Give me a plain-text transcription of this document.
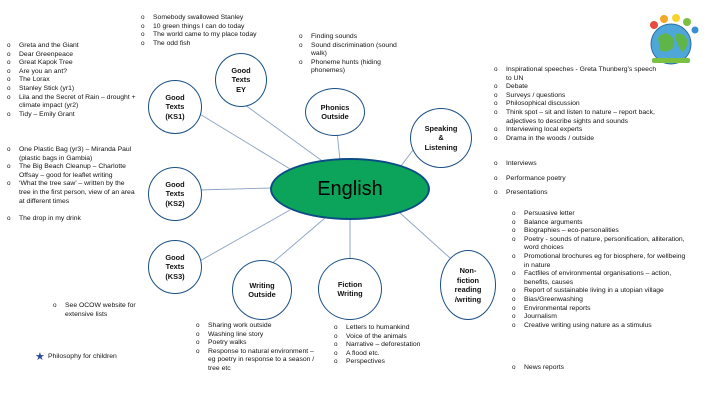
English
Good
Texts
EY
Good
Texts
(KS1)
Phonics
Outside
Speaking
&
Listening
Good
Texts
(KS2)
Good
Texts
(KS3)
Writing
Outside
Fiction
Writing
Non-
fiction
reading
/writing
o Somebody swallowed Stanley
o 10 green things I can do today
o The world came to my place today
o The odd fish
o Finding sounds
o Sound discrimination (sound walk)
o Phoneme hunts (hiding phonemes)
o Greta and the Giant
o Dear Greenpeace
o Great Kapok Tree
o Are you an ant?
o The Lorax
o Stanley Stick (yr1)
o Lila and the Secret of Rain – drought + climate impact (yr2)
o Tidy – Emily Grant
o One Plastic Bag (yr3) – Miranda Paul (plastic bags in Gambia)
o The Big Beach Cleanup – Charlotte Offsay – good for leaflet writing
o ‘What the tree saw’ – written by the tree in the first person, view of an area at different times
o The drop in my drink
o See OCOW website for extensive lists
o Inspirational speeches - Greta Thunberg’s speech to UN
o Debate
o Surveys / questions
o Philosophical discussion
o Think spot – sit and listen to nature – report back, adjectives to describe sights and sounds
o Interviewing local experts
o Drama in the woods / outside
o Interviews
o Performance poetry
o Presentations
o Persuasive letter
o Balance arguments
o Biographies – eco-personalities
o Poetry - sounds of nature, personification, alliteration, word choices
o Promotional brochures eg for biosphere, for wellbeing in nature
o Factfiles of environmental organisations – action, benefits, causes
o Report of sustainable living in a utopian village
o Bias/Greenwashing
o Environmental reports
o Journalism
o Creative writing using nature as a stimulus
o News reports
o Sharing work outside
o Washing line story
o Poetry walks
o Response to natural environment – eg poetry in response to a season / tree etc
o Letters to humankind
o Voice of the animals
o Narrative – deforestation
o A flood etc.
o Perspectives
★ Philosophy for children
